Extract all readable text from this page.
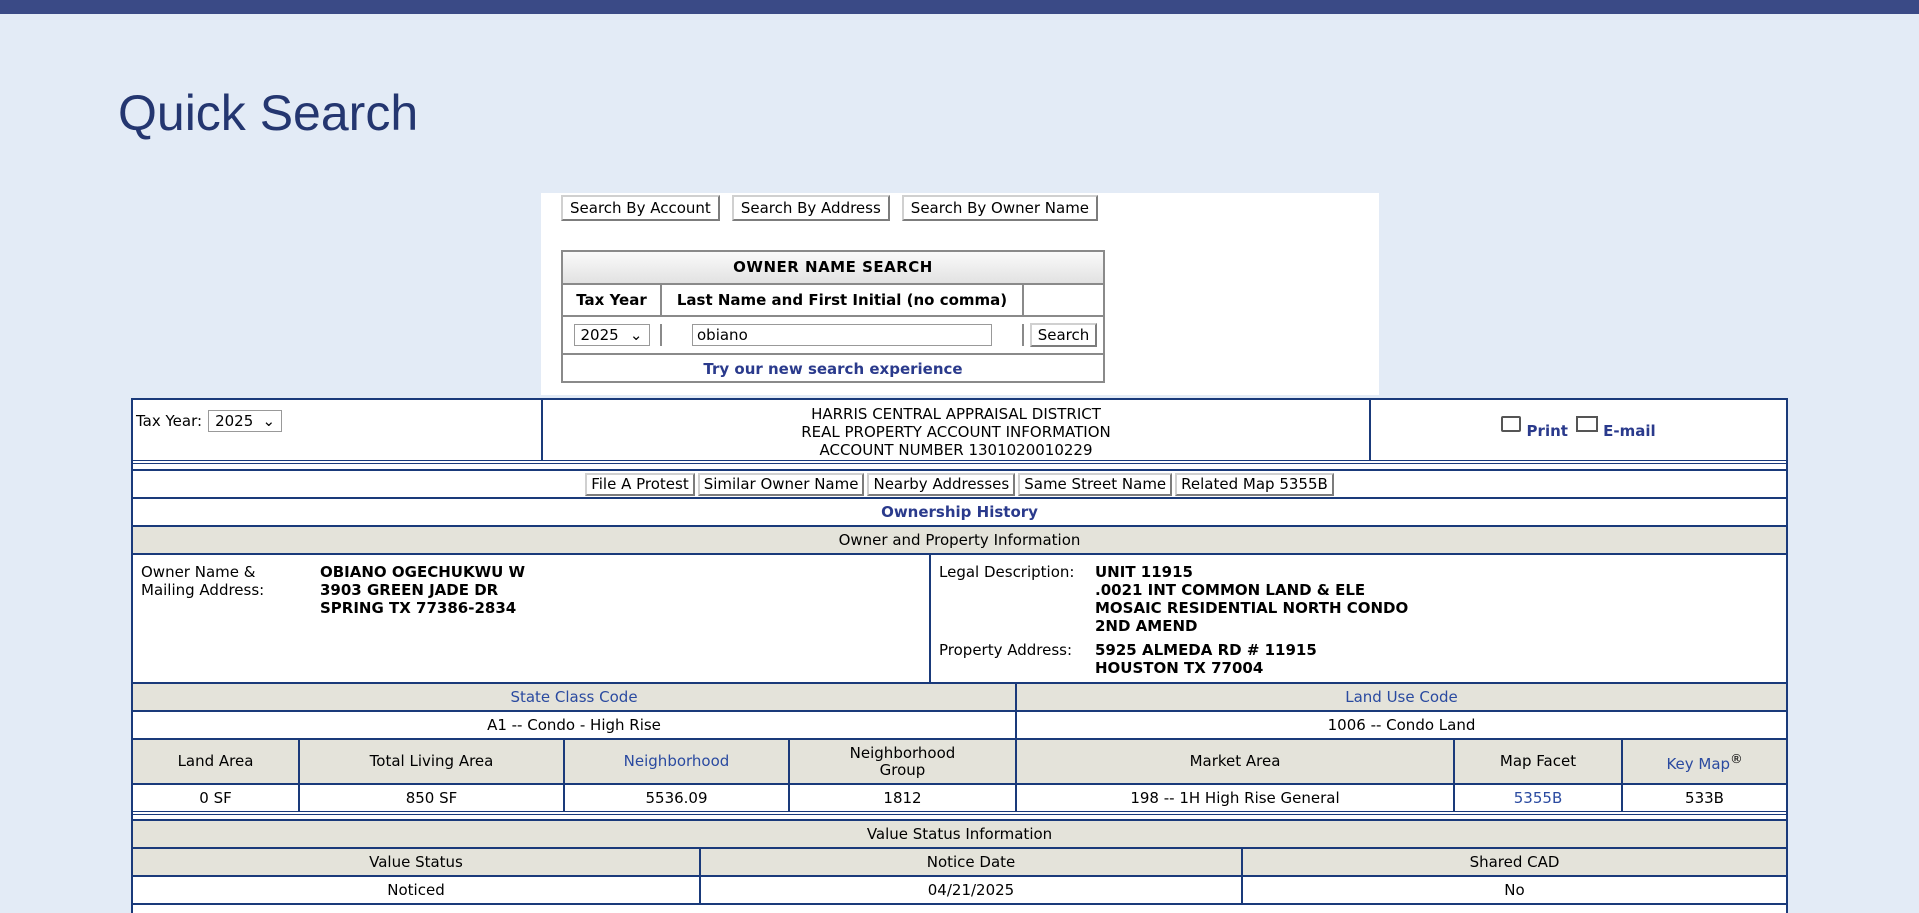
Quick Search
Search By Account	Search By Address	Search By Owner Name
OWNER NAME SEARCH
Tax Year	Last Name and First Initial (no comma)
2025 ⌄	obiano	Search
Try our new search experience
Tax Year: 2025 ⌄	HARRIS CENTRAL APPRAISAL DISTRICT
REAL PROPERTY ACCOUNT INFORMATION
ACCOUNT NUMBER 1301020010229
Print	E-mail
File A Protest	Similar Owner Name	Nearby Addresses	Same Street Name	Related Map 5355B
Ownership History
Owner and Property Information
Owner Name &
Mailing Address:
OBIANO OGECHUKWU W
3903 GREEN JADE DR
SPRING TX 77386-2834
Legal Description:	UNIT 11915
.0021 INT COMMON LAND & ELE
MOSAIC RESIDENTIAL NORTH CONDO
2ND AMEND
Property Address:	5925 ALMEDA RD # 11915
HOUSTON TX 77004
State Class Code	Land Use Code
A1 -- Condo - High Rise	1006 -- Condo Land
Land Area	Total Living Area	Neighborhood	Neighborhood Group	Market Area	Map Facet	Key Map®
0 SF	850 SF	5536.09	1812	198 -- 1H High Rise General	5355B	533B
Value Status Information
Value Status	Notice Date	Shared CAD
Noticed	04/21/2025	No
